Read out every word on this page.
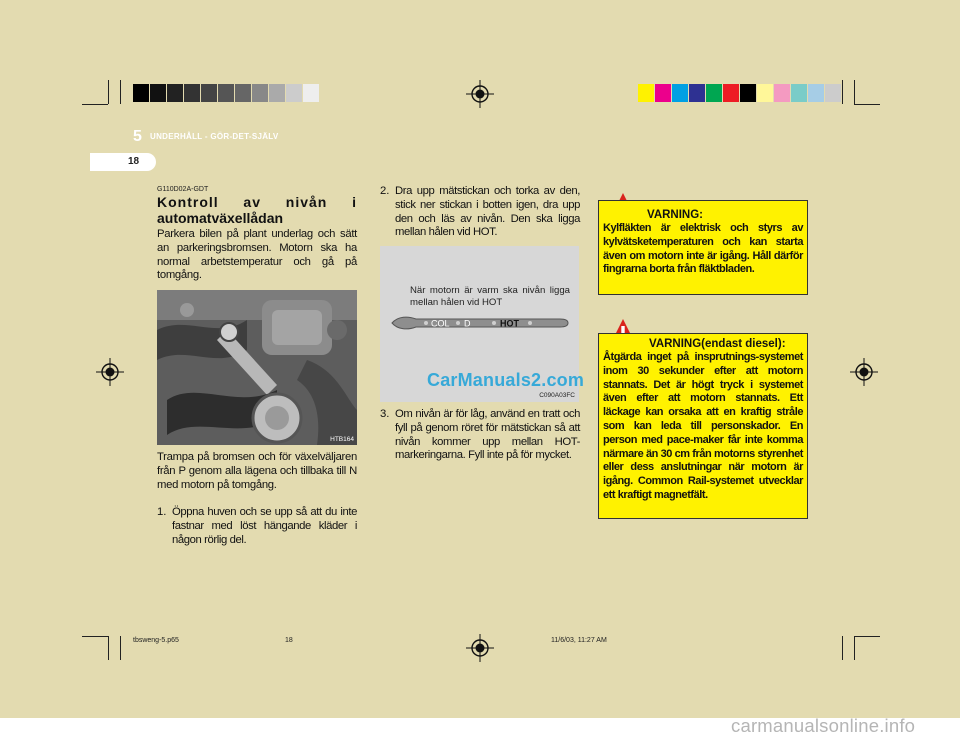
5 UNDERHÅLL - GÖR-DET-SJÄLV
18
G110D02A-GDT
Kontroll av nivån i
automatväxellådan
Parkera bilen på plant underlag och sätt an parkeringsbromsen. Motorn ska ha normal arbetstemperatur och gå på tomgång.
HTB164
Trampa på bromsen och för växelväljaren från P genom alla lägena och tillbaka till N med motorn på tomgång.
1. Öppna huven och se upp så att du inte fastnar med löst hängande kläder i någon rörlig del.
2. Dra upp mätstickan och torka av den, stick ner stickan i botten igen, dra upp den och läs av nivån. Den ska ligga mellan hålen vid HOT.
När motorn är varm ska nivån ligga mellan hålen vid HOT
COL D	HOT
CarManuals2.com
C090A03FC
3. Om nivån är för låg, använd en tratt och fyll på genom röret för mätstickan så att nivån kommer upp mellan HOT-markeringarna. Fyll inte på för mycket.
VARNING:
Kylfläkten är elektrisk och styrs av kylvätsketemperaturen och kan starta även om motorn inte är igång. Håll därför fingrarna borta från fläktbladen.
VARNING(endast diesel):
Åtgärda inget på insprutnings-systemet inom 30 sekunder efter att motorn stannats. Det är högt tryck i systemet även efter att motorn stannats. Ett läckage kan orsaka att en kraftig stråle som kan leda till personskador. En person med pace-maker får inte komma närmare än 30 cm från motorns styrenhet eller dess anslutningar när motorn är igång. Common Rail-systemet utvecklar ett kraftigt magnetfält.
tbsweng-5.p65	18	11/6/03, 11:27 AM
carmanualsonline.info
